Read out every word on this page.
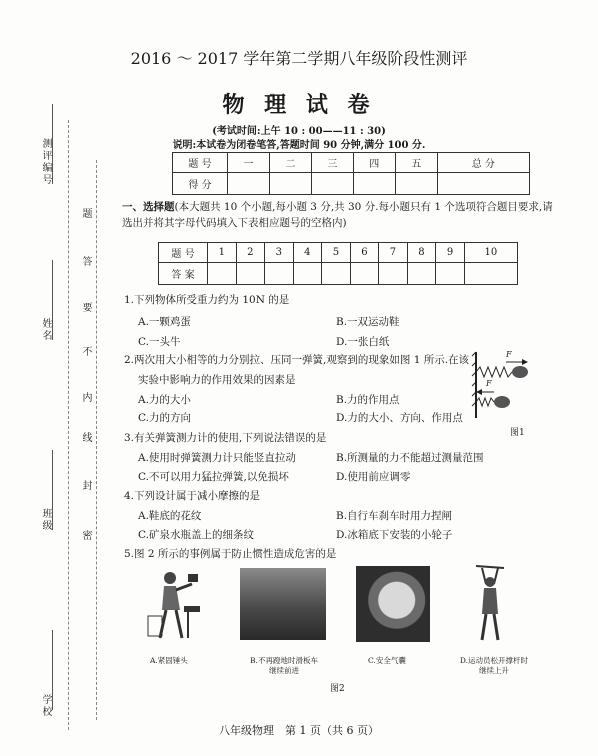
测评编号
姓名
班级
学校
密
封
线
内
不
要
答
题
2016 ～ 2017 学年第二学期八年级阶段性测评
物 理 试 卷
(考试时间:上午 10 : 00——11 : 30)
说明:本试卷为闭卷笔答,答题时间 90 分钟,满分 100 分.
题 号	一	二	三	四	五	总 分
得 分						
一、选择题(本大题共 10 个小题,每小题 3 分,共 30 分.每小题只有 1 个选项符合题目要求,请
选出并将其字母代码填入下表相应题号的空格内)
题 号	1	2	3	4	5	6	7	8	9	10
答 案										
1.下列物体所受重力约为 10N 的是
A.一颗鸡蛋	B.一双运动鞋
C.一头牛	D.一张白纸
2.两次用大小相等的力分别拉、压同一弹簧,观察到的现象如图 1 所示.在该
实验中影响力的作用效果的因素是
A.力的大小	B.力的作用点
C.力的方向	D.力的大小、方向、作用点
F
F
图1
3.有关弹簧测力计的使用,下列说法错误的是
A.使用时弹簧测力计只能竖直拉动	B.所测量的力不能超过测量范围
C.不可以用力猛拉弹簧,以免损坏	D.使用前应调零
4.下列设计属于减小摩擦的是
A.鞋底的花纹	B.自行车刹车时用力捏闸
C.矿泉水瓶盖上的细条纹	D.冰箱底下安装的小轮子
5.图 2 所示的事例属于防止惯性造成危害的是
A.紧固锤头	B.不再蹬地时滑板车
继续前进
C.安全气囊	D.运动员松开撑杆时
继续上升
图2
八年级物理　第 1 页（共 6 页）
